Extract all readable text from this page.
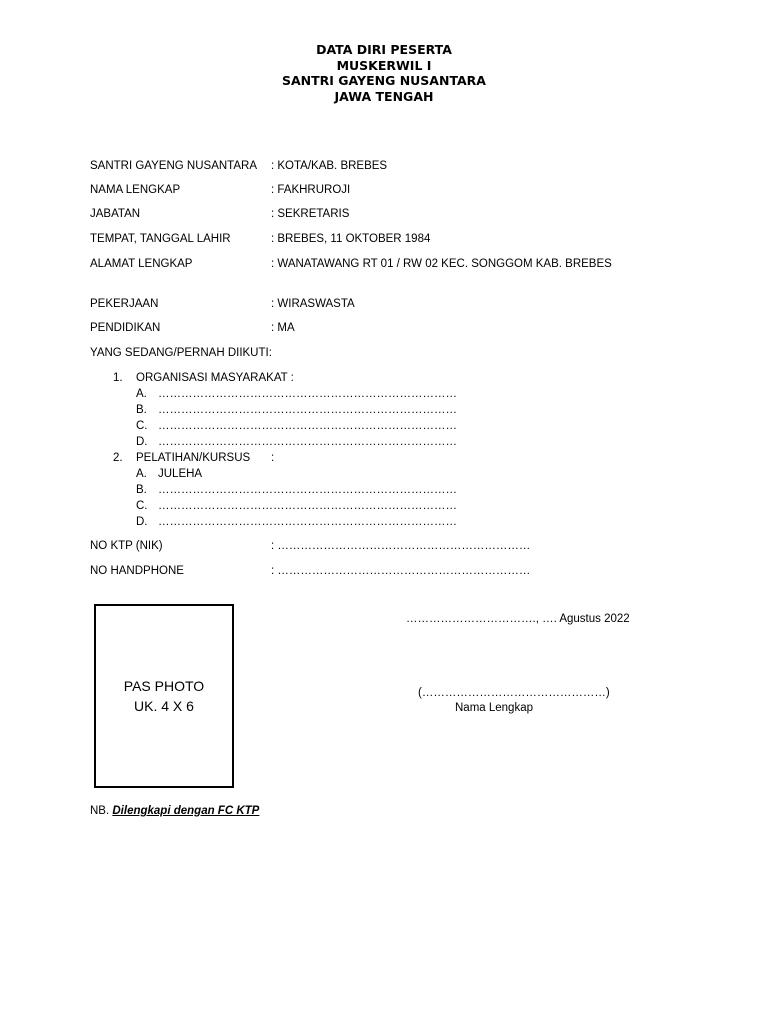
DATA DIRI PESERTA
MUSKERWIL I
SANTRI GAYENG NUSANTARA
JAWA TENGAH
SANTRI GAYENG NUSANTARA : KOTA/KAB. BREBES
NAMA LENGKAP	: FAKHRUROJI
JABATAN	: SEKRETARIS
TEMPAT, TANGGAL LAHIR	: BREBES, 11 OKTOBER 1984
ALAMAT LENGKAP	: WANATAWANG RT 01 / RW 02 KEC. SONGGOM KAB. BREBES
PEKERJAAN	: WIRASWASTA
PENDIDIKAN	: MA
YANG SEDANG/PERNAH DIIKUTI:
1. ORGANISASI MASYARAKAT :
A. ……………………………………………………………………
B. ……………………………………………………………………
C. ……………………………………………………………………
D. ……………………………………………………………………
2. PELATIHAN/KURSUS :
A. JULEHA
B. ……………………………………………………………………
C. ……………………………………………………………………
D. ……………………………………………………………………
NO KTP (NIK)	: …………………………………………………………
NO HANDPHONE	: …………………………………………………………
PAS PHOTO
UK. 4 X 6
……………………………., …. Agustus 2022
(…………………………………………)
Nama Lengkap
NB. Dilengkapi dengan FC KTP
